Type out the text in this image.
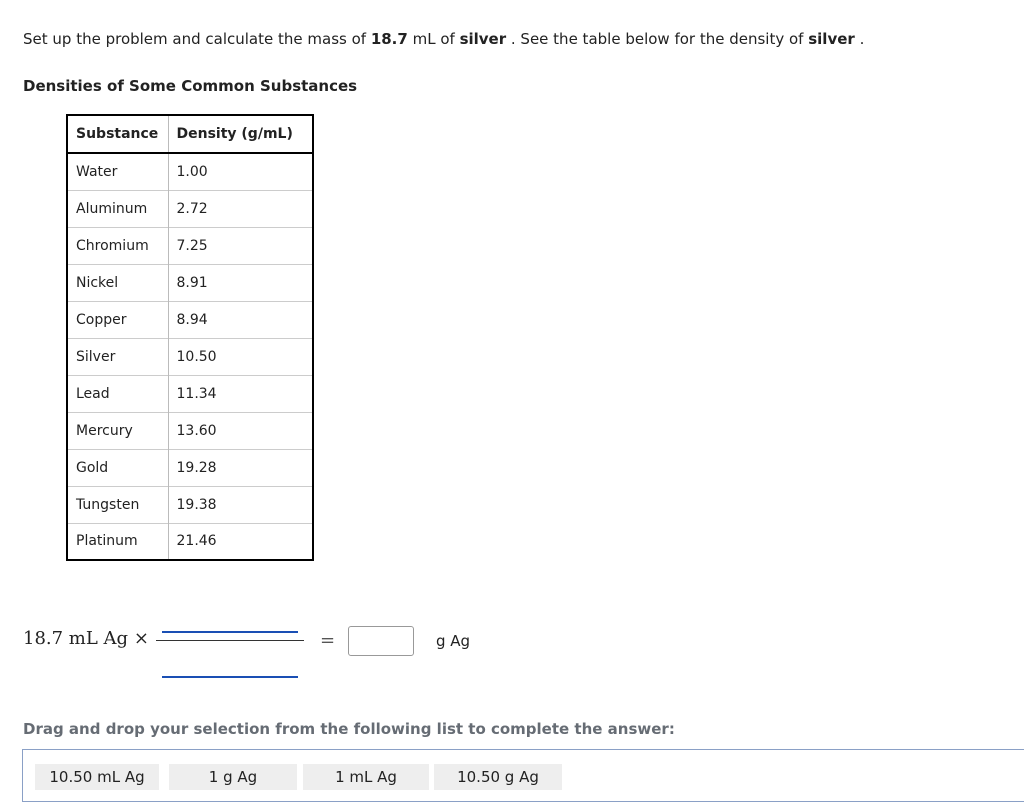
Set up the problem and calculate the mass of 18.7 mL of silver . See the table below for the density of silver .
Densities of Some Common Substances
Substance	Density (g/mL)
Water	1.00
Aluminum	2.72
Chromium	7.25
Nickel	8.91
Copper	8.94
Silver	10.50
Lead	11.34
Mercury	13.60
Gold	19.28
Tungsten	19.38
Platinum	21.46
18.7 mL Ag ×	=	g Ag
Drag and drop your selection from the following list to complete the answer:
10.50 mL Ag	1 g Ag	1 mL Ag	10.50 g Ag
